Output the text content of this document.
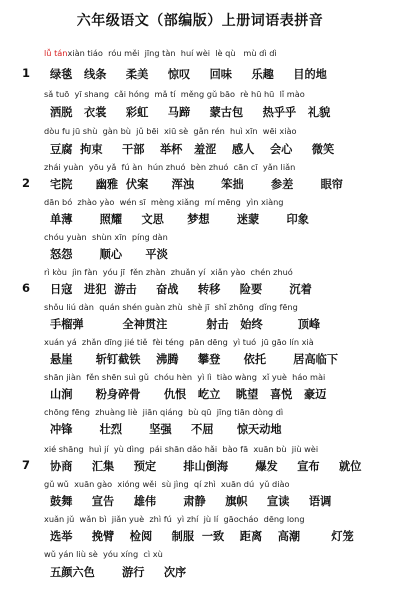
六年级语文（部编版）上册词语表拼音
lǚ tánxiàn tiáo  róu měi  jīng tàn  huí wèi  lè qù   mù dì dì
1 绿毯   线条     柔美     惊叹     回味     乐趣     目的地
sǎ tuō  yī shang  cǎi hóng  mǎ tí  měng gǔ bāo  rè hū hū  lǐ mào
洒脱   衣裳     彩虹     马蹄     蒙古包     热乎乎   礼貌
dòu fu jū shù  gàn bù  jǔ bēi  xiū sè  gǎn rén  huì xīn  wēi xiào
豆腐  拘束     干部    举杯   羞涩    感人    会心     微笑
zhái yuàn  yōu yǎ  fú àn  hún zhuó  bèn zhuó  cān cī  yǎn liǎn
2 宅院      幽雅  伏案      浑浊       笨拙       参差       眼帘
dān bó  zhào yào  wén sī  mèng xiǎng  mí mēng  yìn xiàng
单薄       照耀     文思      梦想       迷蒙       印象
chóu yuàn  shùn xīn  píng dàn
怒怨       顺心      平淡
rì kòu  jìn fàn  yóu jī  fěn zhàn  zhuǎn yí  xiǎn yào  chén zhuó
6 日寇   进犯  游击     奋战     转移     险要       沉着
shǒu liú dàn  quán shén guàn zhù  shè jī  shǐ zhōng  dǐng fēng
手榴弹          全神贯注          射击   始终         顶峰
xuán yá  zhǎn dīng jié tiě  fèi téng  pān dēng  yì tuó  jū gāo lín xià
悬崖      斩钉截铁    沸腾     攀登      依托       居高临下
shān jiàn  fěn shēn suì gǔ  chóu hèn  yì lì  tiào wàng  xǐ yuè  háo mài
山涧      粉身碎骨      仇恨   屹立    眺望   喜悦   豪迈
chōng fēng  zhuàng liè  jiān qiáng  bù qū  jīng tiān dòng dì
冲锋       壮烈       坚强     不屈      惊天动地
xié shāng  huì jí  yù dìng  pái shān dǎo hǎi  bào fā  xuān bù  jiù wèi
7 协商     汇集     预定       排山倒海       爆发     宣布     就位
gǔ wǔ  xuān gào  xióng wěi  sù jìng  qí zhì  xuān dú  yǔ diào
鼓舞     宣告     雄伟       肃静     旗帜     宣读     语调
xuǎn jǔ  wǎn bì  jiǎn yuè  zhì fú  yì zhí  jù lí  gāocháo  dēng long
选举     挽臂    检阅     制服  一致    距离    高潮        灯笼
wǔ yán liù sè  yóu xíng  cì xù
五颜六色       游行     次序
